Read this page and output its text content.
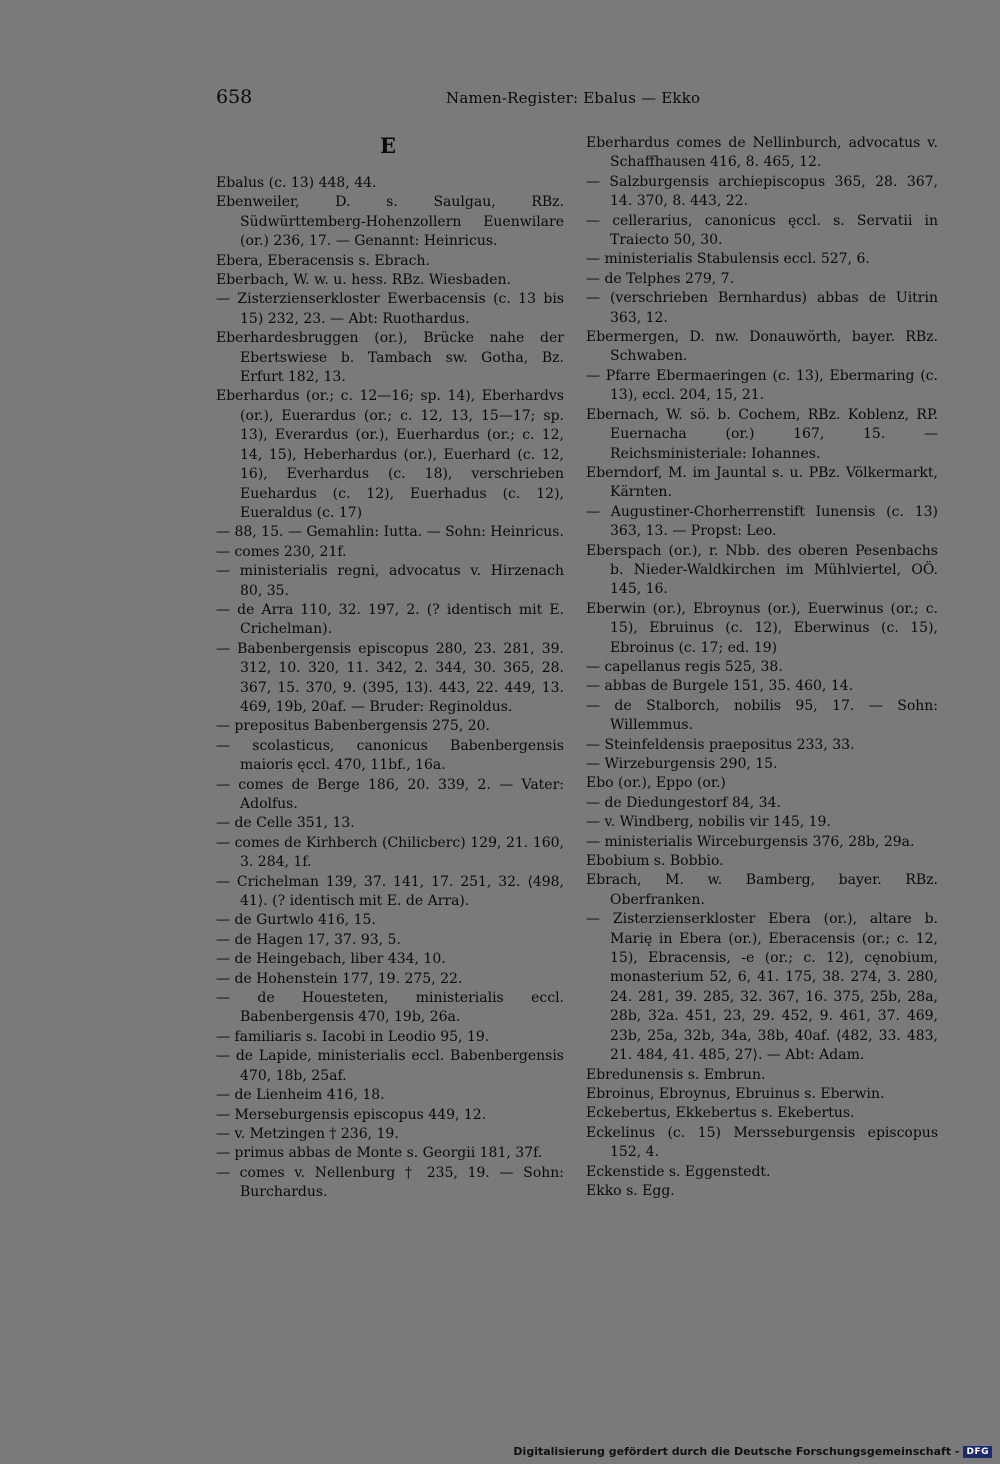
658	Namen-Register: Ebalus — Ekko
E

Ebalus (c. 13) 448, 44.

Ebenweiler, D. s. Saulgau, RBz. Südwürttemberg-Hohenzollern Euenwilare (or.) 236, 17. — Genannt: Heinricus.

Ebera, Eberacensis s. Ebrach.

Eberbach, W. w. u. hess. RBz. Wiesbaden.

— Zisterzienserkloster Ewerbacensis (c. 13 bis 15) 232, 23. — Abt: Ruothardus.

Eberhardesbruggen (or.), Brücke nahe der Ebertswiese b. Tambach sw. Gotha, Bz. Erfurt 182, 13.

Eberhardus (or.; c. 12—16; sp. 14), Eberhardvs (or.), Euerardus (or.; c. 12, 13, 15—17; sp. 13), Everardus (or.), Euerhardus (or.; c. 12, 14, 15), Heberhardus (or.), Euerhard (c. 12, 16), Everhardus (c. 18), verschrieben Euehardus (c. 12), Euerhadus (c. 12), Eueraldus (c. 17)

— 88, 15. — Gemahlin: Iutta. — Sohn: Heinricus.

— comes 230, 21f.

— ministerialis regni, advocatus v. Hirzenach 80, 35.

— de Arra 110, 32. 197, 2. (? identisch mit E. Crichelman).

— Babenbergensis episcopus 280, 23. 281, 39. 312, 10. 320, 11. 342, 2. 344, 30. 365, 28. 367, 15. 370, 9. (395, 13). 443, 22. 449, 13. 469, 19b, 20af. — Bruder: Reginoldus.

— prepositus Babenbergensis 275, 20.

— scolasticus, canonicus Babenbergensis maioris ęccl. 470, 11bf., 16a.

— comes de Berge 186, 20. 339, 2. — Vater: Adolfus.

— de Celle 351, 13.

— comes de Kirhberch (Chilicberc) 129, 21. 160, 3. 284, 1f.

— Crichelman 139, 37. 141, 17. 251, 32. ⟨498, 41⟩. (? identisch mit E. de Arra).

— de Gurtwlo 416, 15.

— de Hagen 17, 37. 93, 5.

— de Heingebach, liber 434, 10.

— de Hohenstein 177, 19. 275, 22.

— de Houesteten, ministerialis eccl. Babenbergensis 470, 19b, 26a.

— familiaris s. Iacobi in Leodio 95, 19.

— de Lapide, ministerialis eccl. Babenbergensis 470, 18b, 25af.

— de Lienheim 416, 18.

— Merseburgensis episcopus 449, 12.

— v. Metzingen † 236, 19.

— primus abbas de Monte s. Georgii 181, 37f.

— comes v. Nellenburg † 235, 19. — Sohn: Burchardus.

Eberhardus comes de Nellinburch, advocatus v. Schaffhausen 416, 8. 465, 12.

— Salzburgensis archiepiscopus 365, 28. 367, 14. 370, 8. 443, 22.

— cellerarius, canonicus ęccl. s. Servatii in Traiecto 50, 30.

— ministerialis Stabulensis eccl. 527, 6.

— de Telphes 279, 7.

— (verschrieben Bernhardus) abbas de Uitrin 363, 12.

Ebermergen, D. nw. Donauwörth, bayer. RBz. Schwaben.

— Pfarre Ebermaeringen (c. 13), Ebermaring (c. 13), eccl. 204, 15, 21.

Ebernach, W. sö. b. Cochem, RBz. Koblenz, RP. Euernacha (or.) 167, 15. — Reichsministeriale: Iohannes.

Eberndorf, M. im Jauntal s. u. PBz. Völkermarkt, Kärnten.

— Augustiner-Chorherrenstift Iunensis (c. 13) 363, 13. — Propst: Leo.

Eberspach (or.), r. Nbb. des oberen Pesenbachs b. Nieder-Waldkirchen im Mühlviertel, OÖ. 145, 16.

Eberwin (or.), Ebroynus (or.), Euerwinus (or.; c. 15), Ebruinus (c. 12), Eberwinus (c. 15), Ebroinus (c. 17; ed. 19)

— capellanus regis 525, 38.

— abbas de Burgele 151, 35. 460, 14.

— de Stalborch, nobilis 95, 17. — Sohn: Willemmus.

— Steinfeldensis praepositus 233, 33.

— Wirzeburgensis 290, 15.

Ebo (or.), Eppo (or.)

— de Diedungestorf 84, 34.

— v. Windberg, nobilis vir 145, 19.

— ministerialis Wirceburgensis 376, 28b, 29a.

Ebobium s. Bobbio.

Ebrach, M. w. Bamberg, bayer. RBz. Oberfranken.

— Zisterzienserkloster Ebera (or.), altare b. Marię in Ebera (or.), Eberacensis (or.; c. 12, 15), Ebracensis, -e (or.; c. 12), cęnobium, monasterium 52, 6, 41. 175, 38. 274, 3. 280, 24. 281, 39. 285, 32. 367, 16. 375, 25b, 28a, 28b, 32a. 451, 23, 29. 452, 9. 461, 37. 469, 23b, 25a, 32b, 34a, 38b, 40af. ⟨482, 33. 483, 21. 484, 41. 485, 27⟩. — Abt: Adam.

Ebredunensis s. Embrun.

Ebroinus, Ebroynus, Ebruinus s. Eberwin.

Eckebertus, Ekkebertus s. Ekebertus.

Eckelinus (c. 15) Mersseburgensis episcopus 152, 4.

Eckenstide s. Eggenstedt.

Ekko s. Egg.

Digitalisierung gefördert durch die Deutsche Forschungsgemeinschaft - DFG
